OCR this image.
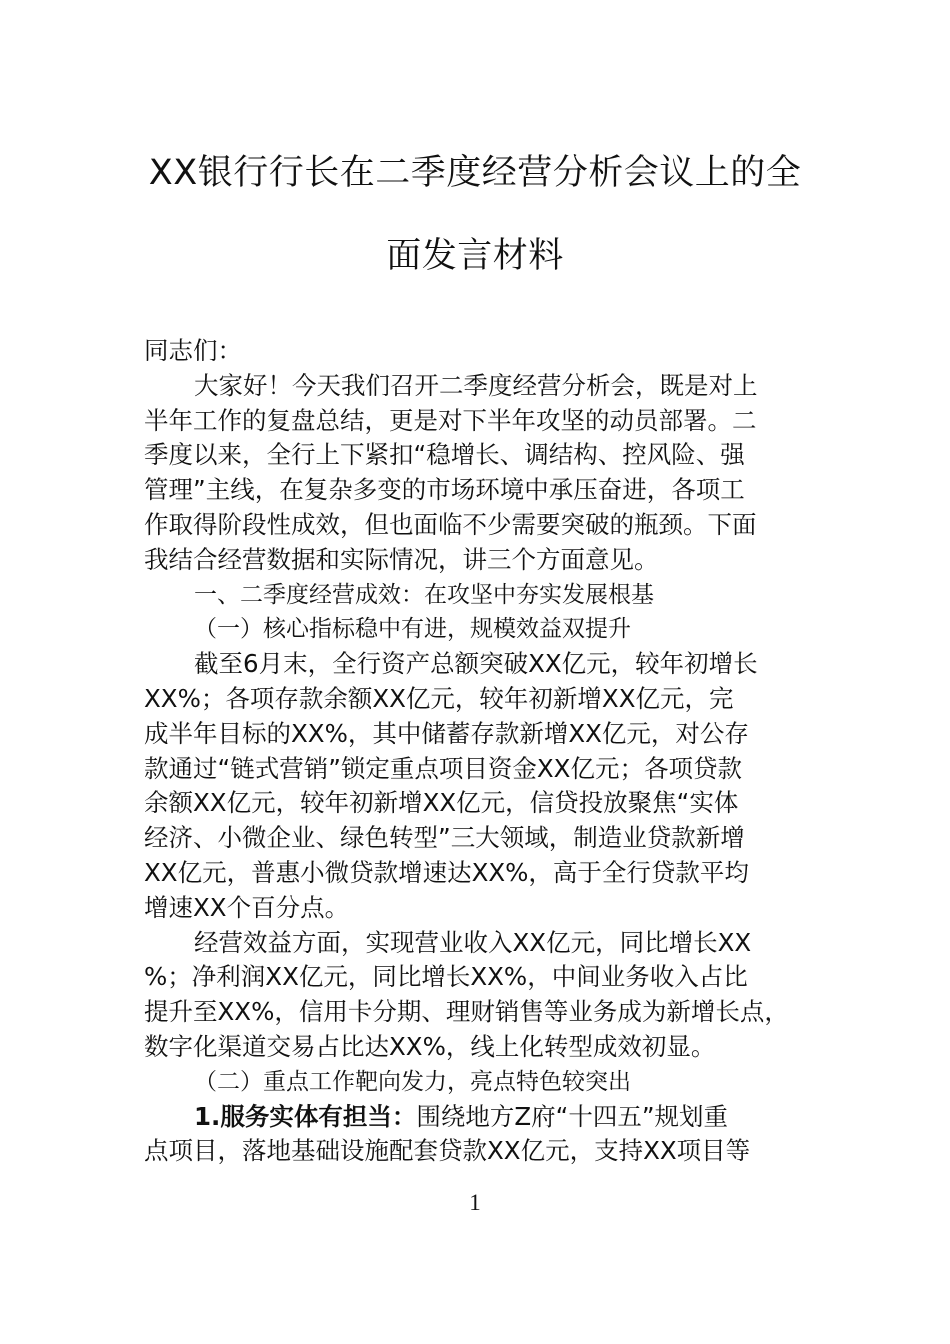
XX银行行长在二季度经营分析会议上的全
面发言材料
同志们：
大家好！今天我们召开二季度经营分析会，既是对上
半年工作的复盘总结，更是对下半年攻坚的动员部署。二
季度以来，全行上下紧扣“稳增长、调结构、控风险、强
管理”主线，在复杂多变的市场环境中承压奋进，各项工
作取得阶段性成效，但也面临不少需要突破的瓶颈。下面
我结合经营数据和实际情况，讲三个方面意见。
一、二季度经营成效：在攻坚中夯实发展根基
（一）核心指标稳中有进，规模效益双提升
截至6月末，全行资产总额突破XX亿元，较年初增长
XX%；各项存款余额XX亿元，较年初新增XX亿元，完
成半年目标的XX%，其中储蓄存款新增XX亿元，对公存
款通过“链式营销”锁定重点项目资金XX亿元；各项贷款
余额XX亿元，较年初新增XX亿元，信贷投放聚焦“实体
经济、小微企业、绿色转型”三大领域，制造业贷款新增
XX亿元，普惠小微贷款增速达XX%，高于全行贷款平均
增速XX个百分点。
经营效益方面，实现营业收入XX亿元，同比增长XX
%；净利润XX亿元，同比增长XX%，中间业务收入占比
提升至XX%，信用卡分期、理财销售等业务成为新增长点，
数字化渠道交易占比达XX%，线上化转型成效初显。
（二）重点工作靶向发力，亮点特色较突出
1.服务实体有担当：围绕地方Z府“十四五”规划重
点项目，落地基础设施配套贷款XX亿元，支持XX项目等
1
